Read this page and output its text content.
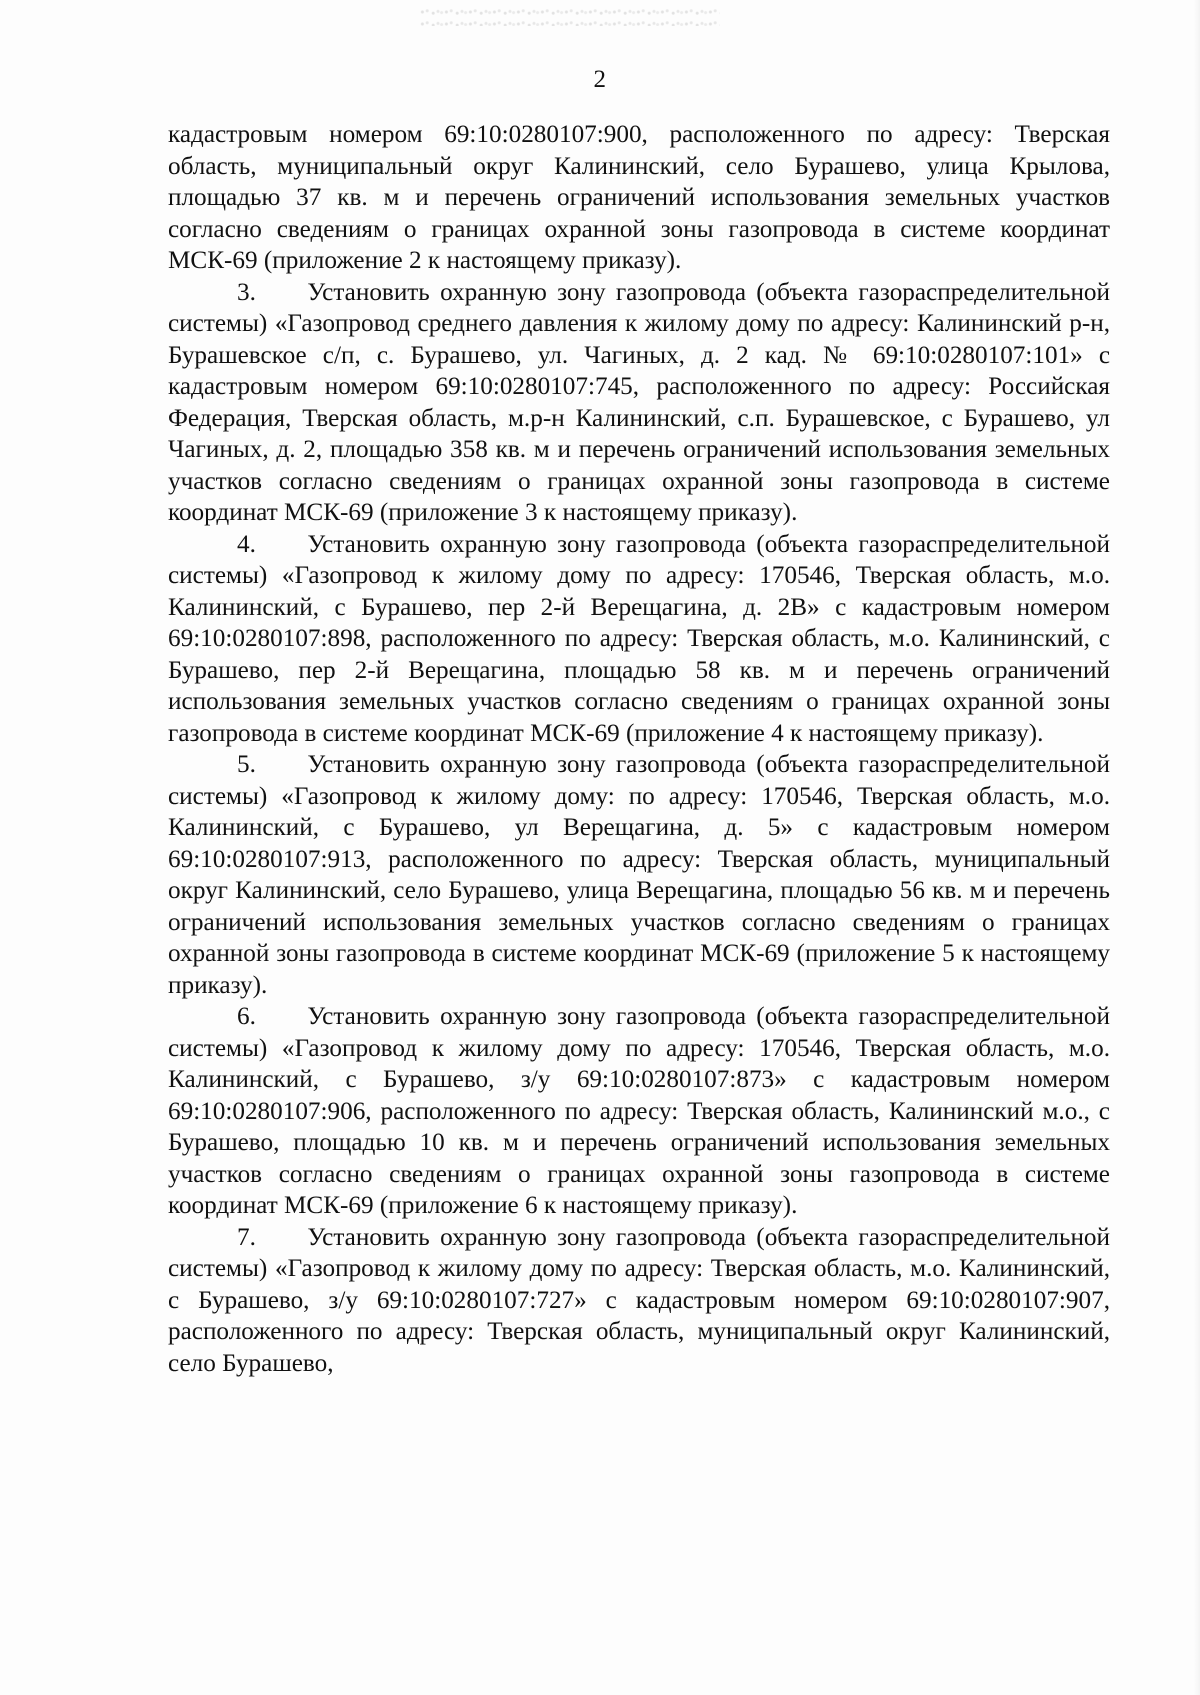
2

кадастровым номером 69:10:0280107:900, расположенного по адресу: Тверская область, муниципальный округ Калининский, село Бурашево, улица Крылова, площадью 37 кв. м и перечень ограничений использования земельных участков согласно сведениям о границах охранной зоны газопровода в системе координат МСК-69 (приложение 2 к настоящему приказу).

3. Установить охранную зону газопровода (объекта газораспределительной системы) «Газопровод среднего давления к жилому дому по адресу: Калининский р-н, Бурашевское с/п, с. Бурашево, ул. Чагиных, д. 2 кад. № 69:10:0280107:101» с кадастровым номером 69:10:0280107:745, расположенного по адресу: Российская Федерация, Тверская область, м.р-н Калининский, с.п. Бурашевское, с Бурашево, ул Чагиных, д. 2, площадью 358 кв. м и перечень ограничений использования земельных участков согласно сведениям о границах охранной зоны газопровода в системе координат МСК-69 (приложение 3 к настоящему приказу).

4. Установить охранную зону газопровода (объекта газораспределительной системы) «Газопровод к жилому дому по адресу: 170546, Тверская область, м.о. Калининский, с Бурашево, пер 2-й Верещагина, д. 2В» с кадастровым номером 69:10:0280107:898, расположенного по адресу: Тверская область, м.о. Калининский, с Бурашево, пер 2-й Верещагина, площадью 58 кв. м и перечень ограничений использования земельных участков согласно сведениям о границах охранной зоны газопровода в системе координат МСК-69 (приложение 4 к настоящему приказу).

5. Установить охранную зону газопровода (объекта газораспределительной системы) «Газопровод к жилому дому: по адресу: 170546, Тверская область, м.о. Калининский, с Бурашево, ул Верещагина, д. 5» с кадастровым номером 69:10:0280107:913, расположенного по адресу: Тверская область, муниципальный округ Калининский, село Бурашево, улица Верещагина, площадью 56 кв. м и перечень ограничений использования земельных участков согласно сведениям о границах охранной зоны газопровода в системе координат МСК-69 (приложение 5 к настоящему приказу).

6. Установить охранную зону газопровода (объекта газораспределительной системы) «Газопровод к жилому дому по адресу: 170546, Тверская область, м.о. Калининский, с Бурашево, з/у 69:10:0280107:873» с кадастровым номером 69:10:0280107:906, расположенного по адресу: Тверская область, Калининский м.о., с Бурашево, площадью 10 кв. м и перечень ограничений использования земельных участков согласно сведениям о границах охранной зоны газопровода в системе координат МСК-69 (приложение 6 к настоящему приказу).

7. Установить охранную зону газопровода (объекта газораспределительной системы) «Газопровод к жилому дому по адресу: Тверская область, м.о. Калининский, с Бурашево, з/у 69:10:0280107:727» с кадастровым номером 69:10:0280107:907, расположенного по адресу: Тверская область, муниципальный округ Калининский, село Бурашево,
